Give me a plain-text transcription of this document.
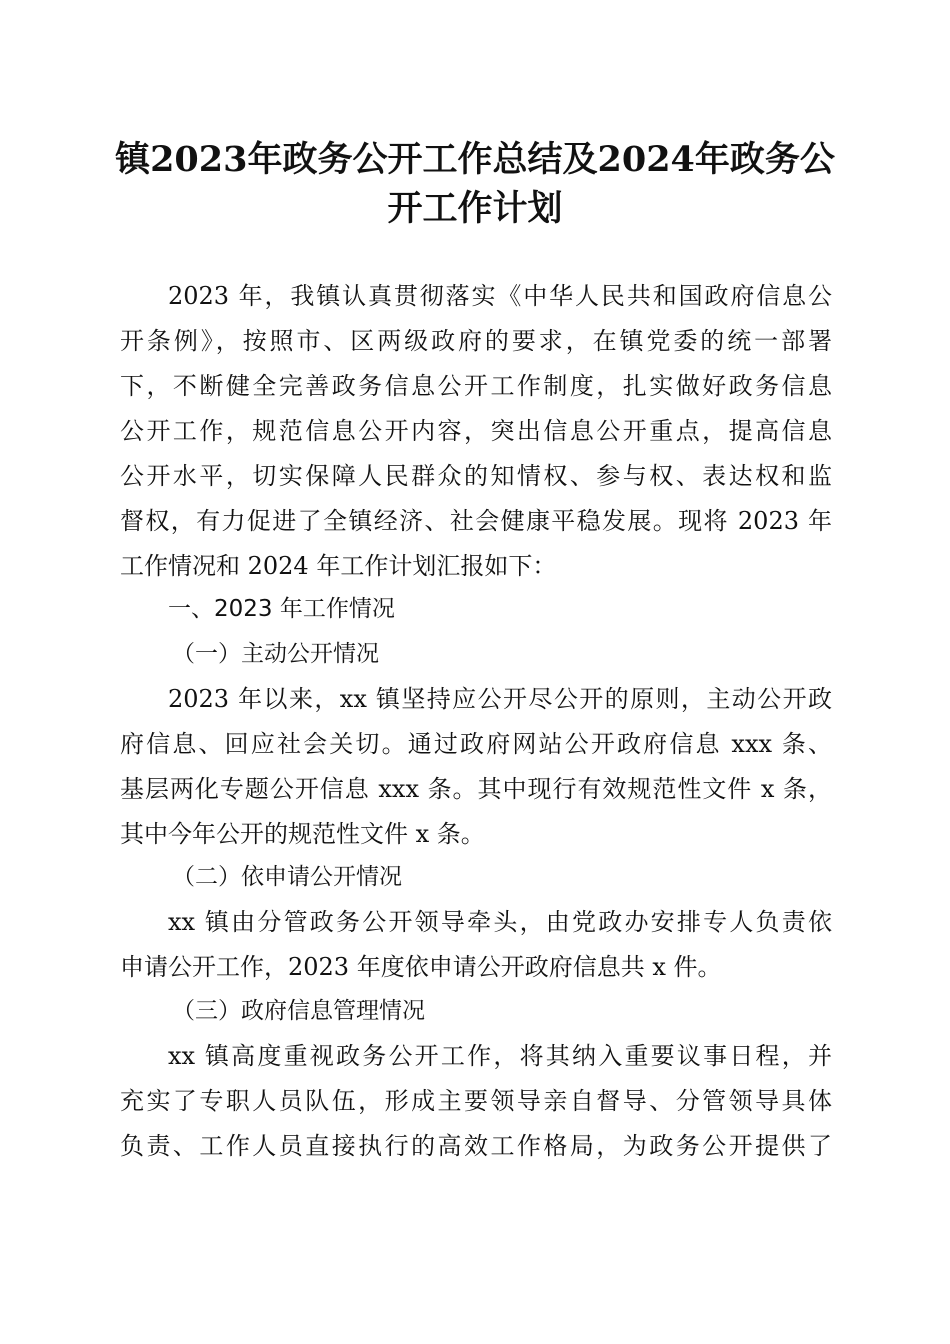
镇2023年政务公开工作总结及2024年政务公
开工作计划
2023 年，我镇认真贯彻落实《中华人民共和国政府信息公
开条例》，按照市、区两级政府的要求，在镇党委的统一部署
下，不断健全完善政务信息公开工作制度，扎实做好政务信息
公开工作，规范信息公开内容，突出信息公开重点，提高信息
公开水平，切实保障人民群众的知情权、参与权、表达权和监
督权，有力促进了全镇经济、社会健康平稳发展。现将 2023 年
工作情况和 2024 年工作计划汇报如下：
一、2023 年工作情况
（一）主动公开情况
2023 年以来，xx 镇坚持应公开尽公开的原则，主动公开政
府信息、回应社会关切。通过政府网站公开政府信息 xxx 条、
基层两化专题公开信息 xxx 条。其中现行有效规范性文件 x 条，
其中今年公开的规范性文件 x 条。
（二）依申请公开情况
xx 镇由分管政务公开领导牵头，由党政办安排专人负责依
申请公开工作，2023 年度依申请公开政府信息共 x 件。
（三）政府信息管理情况
xx 镇高度重视政务公开工作，将其纳入重要议事日程，并
充实了专职人员队伍，形成主要领导亲自督导、分管领导具体
负责、工作人员直接执行的高效工作格局，为政务公开提供了
